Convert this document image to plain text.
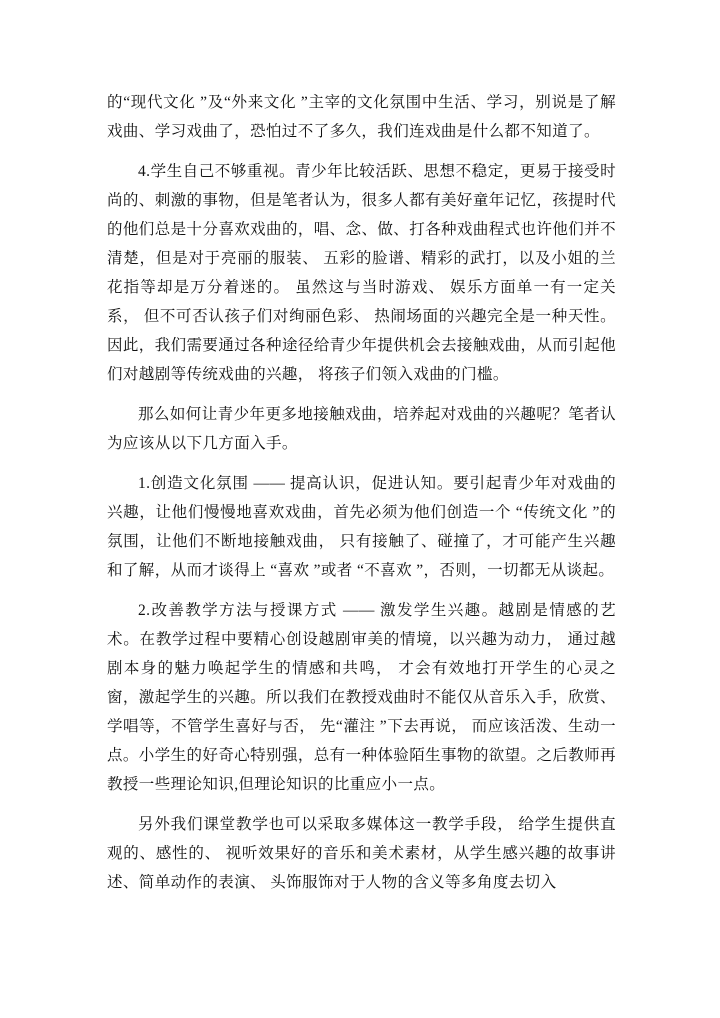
的“现代文化 ”及“外来文化 ”主宰的文化氛围中生活、学习，别说是了解戏曲、学习戏曲了，恐怕过不了多久，我们连戏曲是什么都不知道了。

4.学生自己不够重视。青少年比较活跃、思想不稳定，更易于接受时尚的、刺激的事物，但是笔者认为，很多人都有美好童年记忆，孩提时代的他们总是十分喜欢戏曲的，唱、念、做、打各种戏曲程式也许他们并不清楚，但是对于亮丽的服装、 五彩的脸谱、精彩的武打，以及小姐的兰花指等却是万分着迷的。 虽然这与当时游戏、 娱乐方面单一有一定关系， 但不可否认孩子们对绚丽色彩、 热闹场面的兴趣完全是一种天性。 因此，我们需要通过各种途径给青少年提供机会去接触戏曲，从而引起他们对越剧等传统戏曲的兴趣， 将孩子们领入戏曲的门槛。

那么如何让青少年更多地接触戏曲，培养起对戏曲的兴趣呢？笔者认为应该从以下几方面入手。

1.创造文化氛围 —— 提高认识，促进认知。要引起青少年对戏曲的兴趣，让他们慢慢地喜欢戏曲，首先必须为他们创造一个 “传统文化 ”的氛围，让他们不断地接触戏曲， 只有接触了、碰撞了，才可能产生兴趣和了解，从而才谈得上 “喜欢 ”或者 “不喜欢 ”，否则，一切都无从谈起。

2.改善教学方法与授课方式 —— 激发学生兴趣。越剧是情感的艺术。在教学过程中要精心创设越剧审美的情境，以兴趣为动力， 通过越剧本身的魅力唤起学生的情感和共鸣， 才会有效地打开学生的心灵之窗，激起学生的兴趣。所以我们在教授戏曲时不能仅从音乐入手，欣赏、学唱等，不管学生喜好与否， 先“灌注 ”下去再说， 而应该活泼、生动一点。小学生的好奇心特别强，总有一种体验陌生事物的欲望。之后教师再教授一些理论知识,但理论知识的比重应小一点。

另外我们课堂教学也可以采取多媒体这一教学手段， 给学生提供直观的、感性的、 视听效果好的音乐和美术素材，从学生感兴趣的故事讲述、简单动作的表演、 头饰服饰对于人物的含义等多角度去切入
